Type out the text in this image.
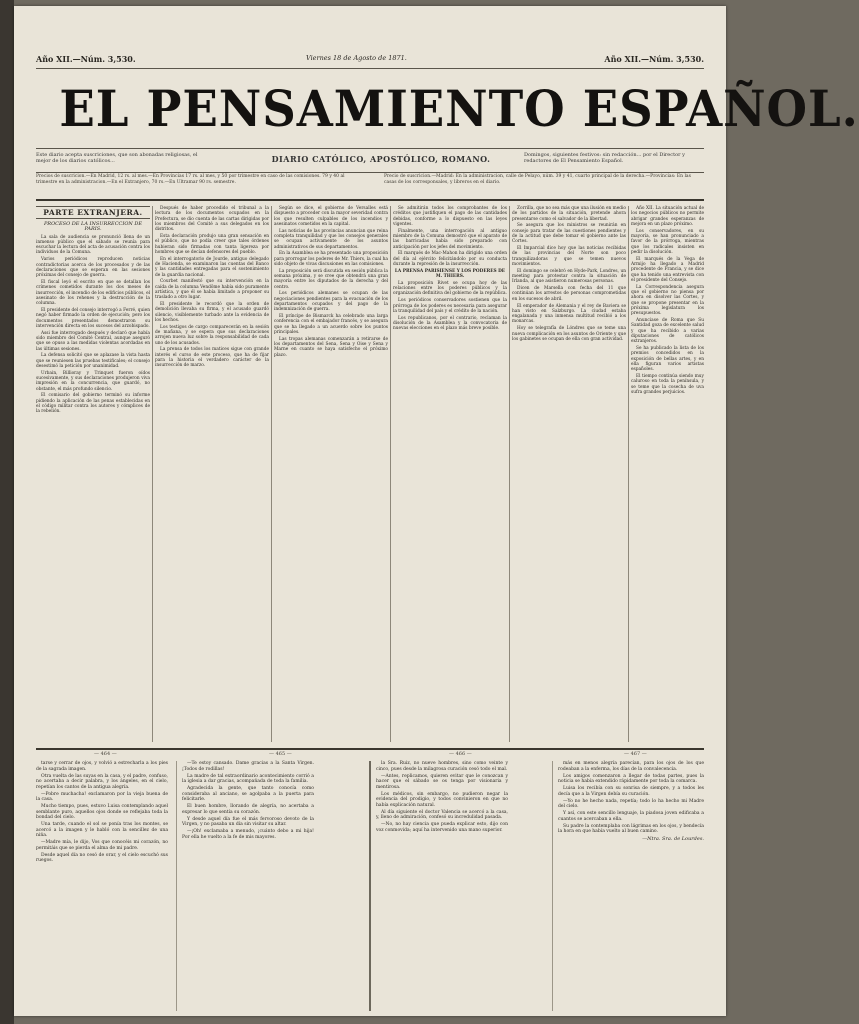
Año XII.—Núm. 3,530.	Viernes 18 de Agosto de 1871.	Año XII.—Núm. 3,530.
EL PENSAMIENTO ESPAÑOL.
Este diario acepta suscriciones, que son abonadas religiosas, el mejor de los diarios católicos...	DIARIO CATÓLICO, APOSTÓLICO, ROMANO.	Domingos, siguientes festivos: sin redacción... por el Director y redactores de El Pensamiento Español.
Precios de suscricion.—En Madrid, 12 rs. al mes.—En Provincias 17 rs. al mes, y 50 por trimestre en caso de las comisiones. 79 y 40 al trimestre en la administracion.—En el Extranjero, 70 rs.—En Ultramar 90 rs. semestre.
Precio de suscricion.—Madrid: En la administracion, calle de Pelayo, núm. 39 y 41, cuarto principal de la derecha.—Provincias: En las casas de los corresponsales, y libreros en el diario.
PARTE EXTRANJERA.
PROCESO DE LA INSURRECCION DE PARIS.

La sala de audiencia se pronunció llena de un inmenso público que el sábado se reunía para escuchar la lectura del acta de acusación contra los individuos de la Comuna.

Varios periódicos reproducen noticias contradictorias acerca de los procesados y de las declaraciones que se esperan en las sesiones próximas del consejo de guerra.

El fiscal leyó el escrito en que se detallan los crímenes cometidos durante los dos meses de insurrección, el incendio de los edificios públicos, el asesinato de los rehenes y la destrucción de la columna.

El presidente del consejo interrogó a Ferré, quien negó haber firmado la orden de ejecución; pero los documentos presentados demostraron su intervención directa en los sucesos del arzobispado.

Assi fue interrogado después y declaró que había sido miembro del Comité Central, aunque aseguró que se opuso a las medidas violentas acordadas en las últimas sesiones.

La defensa solicitó que se aplazase la vista hasta que se reuniesen las pruebas testificales; el consejo desestimó la petición por unanimidad.

Urbain, Billioray y Trinquet fueron oídos sucesivamente, y sus declaraciones produjeron viva impresión en la concurrencia, que guardó, no obstante, el más profundo silencio.

El comisario del gobierno terminó su informe pidiendo la aplicación de las penas establecidas en el código militar contra los autores y cómplices de la rebelión.

Después de haber procedido el tribunal a la lectura de los documentos ocupados en la Prefectura, se dio cuenta de las cartas dirigidas por los miembros del Comité a sus delegados en los distritos.

Esta declaración produjo una gran sensación en el público, que no podía creer que tales órdenes hubieran sido firmadas con tanta ligereza por hombres que se decían defensores del pueblo.

En el interrogatorio de Jourde, antiguo delegado de Hacienda, se examinaron las cuentas del Banco y las cantidades entregadas para el sostenimiento de la guardia nacional.

Courbet manifestó que su intervención en la caída de la columna Vendôme había sido puramente artística, y que él se había limitado a proponer su traslado a otro lugar.

El presidente le recordó que la orden de demolición llevaba su firma, y el acusado guardó silencio, visiblemente turbado ante la evidencia de los hechos.

Los testigos de cargo comparecerán en la sesión de mañana, y se espera que sus declaraciones arrojen nueva luz sobre la responsabilidad de cada uno de los acusados.

La prensa de todos los matices sigue con grande interés el curso de este proceso, que ha de fijar para la historia el verdadero carácter de la insurrección de marzo.

Según se dice, el gobierno de Versalles está dispuesto a proceder con la mayor severidad contra los que resulten culpables de los incendios y asesinatos cometidos en la capital.

Las noticias de las provincias anuncian que reina completa tranquilidad y que los consejos generales se ocupan activamente de los asuntos administrativos de sus departamentos.

En la Asamblea se ha presentado una proposición para prorrogar los poderes de Mr. Thiers, la cual ha sido objeto de vivas discusiones en las comisiones.

La proposición será discutida en sesión pública la semana próxima, y se cree que obtendrá una gran mayoría entre los diputados de la derecha y del centro.

Los periódicos alemanes se ocupan de las negociaciones pendientes para la evacuación de los departamentos ocupados y del pago de la indemnización de guerra.

El príncipe de Bismarck ha celebrado una larga conferencia con el embajador francés, y se asegura que se ha llegado a un acuerdo sobre los puntos principales.

Las tropas alemanas comenzarán a retirarse de los departamentos del Sena, Sena y Oise y Sena y Marne en cuanto se haya satisfecho el próximo plazo.

Se admitirán todos los comprobantes de los créditos que justifiquen el pago de las cantidades debidas, conforme a lo dispuesto en las leyes vigentes.

Finalmente, una interrogación al antiguo miembro de la Comuna demostró que el aparato de las barricadas había sido preparado con anticipación por los jefes del movimiento.

El marqués de Mac-Mahon ha dirigido una orden del día al ejército felicitándolo por su conducta durante la represión de la insurrección.

LA PRENSA PARISIENSE Y LOS PODERES DE M. THIERS.

La proposición Rivet se ocupa hoy de las relaciones entre los poderes públicos y la organización definitiva del gobierno de la república.

Los periódicos conservadores sostienen que la prórroga de los poderes es necesaria para asegurar la tranquilidad del país y el crédito de la nación.

Los republicanos, por el contrario, reclaman la disolución de la Asamblea y la convocatoria de nuevas elecciones en el plazo más breve posible.

Zorrilla, que no sea más que una ilusión en medio de los partidos de la situación, pretende ahora presentarse como el salvador de la libertad.

Se asegura que los ministros se reunirán en consejo para tratar de las cuestiones pendientes y de la actitud que debe tomar el gobierno ante las Cortes.

El Imparcial dice hoy que las noticias recibidas de las provincias del Norte son poco tranquilizadoras y que se temen nuevos movimientos.

El domingo se celebró en Hyde-Park, Londres, un meeting para protestar contra la situación de Irlanda, al que asistieron numerosas personas.

Dicen de Marsella con fecha del 11 que continúan los arrestos de personas comprometidas en los sucesos de abril.

El emperador de Alemania y el rey de Baviera se han visto en Salzburgo. La ciudad estaba engalanada y una inmensa multitud recibió a los monarcas.

Hoy se telegrafía de Lóndres que se teme una nueva complicación en los asuntos de Oriente y que los gabinetes se ocupan de ella con gran actividad.

Año XII. La situación actual de los negocios públicos no permite abrigar grandes esperanzas de mejora en un plazo próximo.

Los conservadores, en su mayoría, se han pronunciado a favor de la prórroga, mientras que los radicales insisten en pedir la disolución.

El marqués de la Vega de Armijo ha llegado a Madrid procedente de Francia, y se dice que ha tenido una entrevista con el presidente del Consejo.

La Correspondencia asegura que el gobierno no piensa por ahora en disolver las Cortes, y que se propone presentar en la próxima legislatura los presupuestos.

Anunciase de Roma que Su Santidad goza de excelente salud y que ha recibido a varias diputaciones de católicos extranjeros.

Se ha publicado la lista de los premios concedidos en la exposición de bellas artes, y en ella figuran varios artistas españoles.

El tiempo continúa siendo muy caluroso en toda la península, y se teme que la cosecha de uva sufra grandes perjuicios.

— 464 —	— 465 —	— 466 —	— 467 —

tarse y cerrar de ojos, y volvió a estrecharla a los pies de la sagrada imagen.

Otra vuelta de las suyas en la casa, y el padre, confuso, no acertaba a decir palabra, y los ángeles, en el cielo, repetían los cantos de la antigua alegría.

—Pobre muchacha! exclamaron por la vieja buena de la casa.

Mucho tiempo, pues, estuvo Luisa contemplando aquel semblante puro, aquellos ojos donde se reflejaba toda la bondad del cielo.

Una tarde, cuando el sol se ponía tras los montes, se acercó a la imagen y le habló con la sencillez de una niña.

—Madre mía, le dijo, Vos que conocéis mi corazón, no permitáis que se pierda el alma de mi padre.

Desde aquel día no cesó de orar, y el cielo escuchó sus ruegos.

—Te estoy cansado. Dame gracias a la Santa Virgen. ¡Todos de rodillas!

La madre de tal extraordinario acontecimiento corrió a la iglesia a dar gracias, acompañada de toda la familia.

Agradecida la gente, que tanto conocía como consideraba al anciano, se agolpaba a la puerta para felicitarle.

El buen hombre, llorando de alegría, no acertaba a expresar lo que sentía su corazón.

Y desde aquel día fue el más fervoroso devoto de la Virgen, y no pasaba un día sin visitar su altar.

—¡Oh! exclamaba a menudo, ¡cuánto debo a mi hija! Por ella he vuelto a la fe de mis mayores.

la Sra. Ruiz, no nueve hombres, sino como veinte y cinco, pues desde la milagrosa curación cesó todo el mal.

—Antes, replicamos, quieren evitar que le conozcan y hacer que el sábado se os tenga por visionaria y mentirosa.

Los médicos, sin embargo, no pudieron negar la evidencia del prodigio, y todos convinieron en que no había explicación natural.

Al día siguiente el doctor Valencia se acercó a la casa, y, lleno de admiración, confesó su incredulidad pasada.

—No, no hay ciencia que pueda explicar esto, dijo con voz conmovida; aquí ha intervenido una mano superior.

más en menos alegría parecían, para los ojos de los que rodeaban a la enferma, los días de la convalecencia.

Los amigos comenzaron a llegar de todas partes, pues la noticia se había extendido rápidamente por toda la comarca.

Luisa los recibía con su sonrisa de siempre, y a todos les decía que a la Virgen debía su curación.

—Yo no he hecho nada, repetía; todo lo ha hecho mi Madre del cielo.

Y así, con este sencillo lenguaje, la piadosa joven edificaba a cuantos se acercaban a ella.

Su padre la contemplaba con lágrimas en los ojos, y bendecía la hora en que había vuelto al buen camino.

—Ntra. Sra. de Lourdes.
